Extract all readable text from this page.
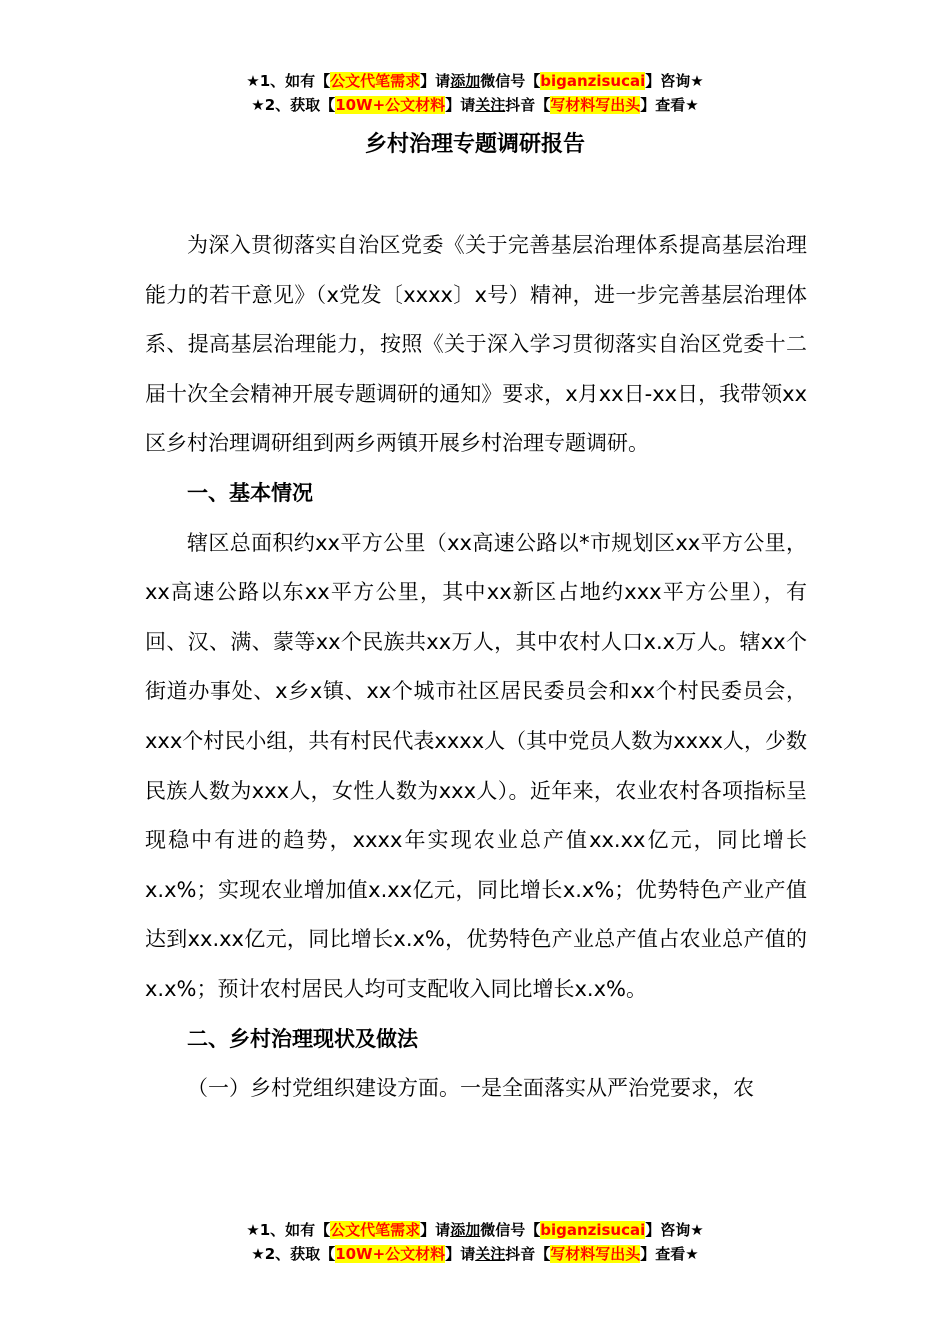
★1、如有【公文代笔需求】请添加微信号【biganzisucai】咨询★
★2、获取【10W+公文材料】请关注抖音【写材料写出头】查看★
乡村治理专题调研报告

为深入贯彻落实自治区党委《关于完善基层治理体系提高基层治理能力的若干意见》（x党发〔xxxx〕x号）精神，进一步完善基层治理体系、提高基层治理能力，按照《关于深入学习贯彻落实自治区党委十二届十次全会精神开展专题调研的通知》要求，x月xx日-xx日，我带领xx区乡村治理调研组到两乡两镇开展乡村治理专题调研。

一、基本情况

辖区总面积约xx平方公里（xx高速公路以*市规划区xx平方公里，xx高速公路以东xx平方公里，其中xx新区占地约xxx平方公里），有回、汉、满、蒙等xx个民族共xx万人，其中农村人口x.x万人。辖xx个街道办事处、x乡x镇、xx个城市社区居民委员会和xx个村民委员会，xxx个村民小组，共有村民代表xxxx人（其中党员人数为xxxx人，少数民族人数为xxx人，女性人数为xxx人）。近年来，农业农村各项指标呈现稳中有进的趋势，xxxx年实现农业总产值xx.xx亿元，同比增长x.x%；实现农业增加值x.xx亿元，同比增长x.x%；优势特色产业产值达到xx.xx亿元，同比增长x.x%，优势特色产业总产值占农业总产值的x.x%；预计农村居民人均可支配收入同比增长x.x%。

二、乡村治理现状及做法

（一）乡村党组织建设方面。一是全面落实从严治党要求，农

★1、如有【公文代笔需求】请添加微信号【biganzisucai】咨询★
★2、获取【10W+公文材料】请关注抖音【写材料写出头】查看★
